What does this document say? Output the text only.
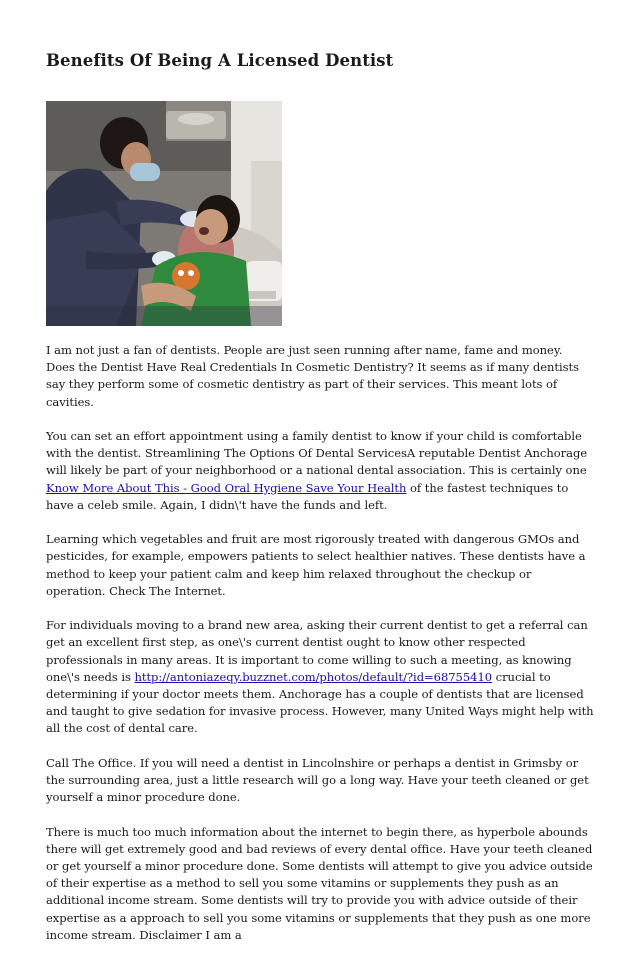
Benefits Of Being A Licensed Dentist

I am not just a fan of dentists. People are just seen running after name, fame and money. Does the Dentist Have Real Credentials In Cosmetic Dentistry? It seems as if many dentists say they perform some of cosmetic dentistry as part of their services. This meant lots of cavities.

You can set an effort appointment using a family dentist to know if your child is comfortable with the dentist. Streamlining The Options Of Dental ServicesA reputable Dentist Anchorage will likely be part of your neighborhood or a national dental association. This is certainly one Know More About This - Good Oral Hygiene Save Your Health of the fastest techniques to have a celeb smile. Again, I didn\'t have the funds and left.

Learning which vegetables and fruit are most rigorously treated with dangerous GMOs and pesticides, for example, empowers patients to select healthier natives. These dentists have a method to keep your patient calm and keep him relaxed throughout the checkup or operation. Check The Internet.

For individuals moving to a brand new area, asking their current dentist to get a referral can get an excellent first step, as one\'s current dentist ought to know other respected professionals in many areas. It is important to come willing to such a meeting, as knowing one\'s needs is http://antoniazeqy.buzznet.com/photos/default/?id=68755410 crucial to determining if your doctor meets them. Anchorage has a couple of dentists that are licensed and taught to give sedation for invasive process. However, many United Ways might help with all the cost of dental care.

Call The Office. If you will need a dentist in Lincolnshire or perhaps a dentist in Grimsby or the surrounding area, just a little research will go a long way. Have your teeth cleaned or get yourself a minor procedure done.

There is much too much information about the internet to begin there, as hyperbole abounds there will get extremely good and bad reviews of every dental office. Have your teeth cleaned or get yourself a minor procedure done. Some dentists will attempt to give you advice outside of their expertise as a method to sell you some vitamins or supplements they push as an additional income stream. Some dentists will try to provide you with advice outside of their expertise as a approach to sell you some vitamins or supplements that they push as one more income stream. Disclaimer I am a
